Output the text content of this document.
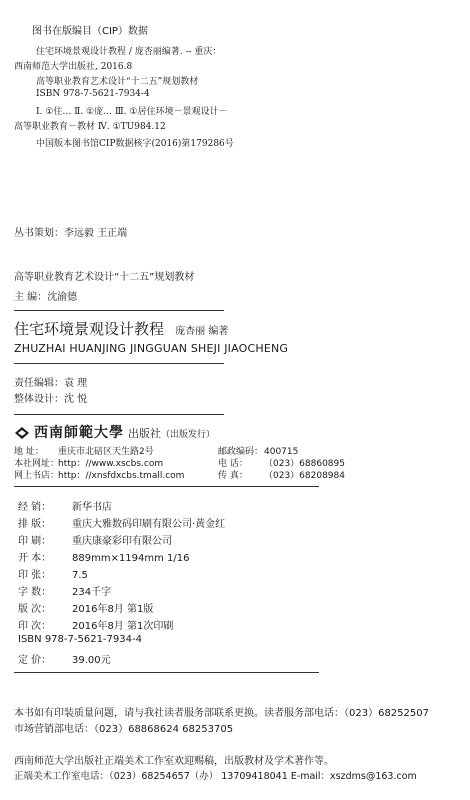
图书在版编目（CIP）数据
住宅环境景观设计教程 / 庞杏丽编著. -- 重庆：
西南师范大学出版社, 2016.8
高等职业教育艺术设计“十二五”规划教材
ISBN 978-7-5621-7934-4
Ⅰ. ①住… Ⅱ. ①庞… Ⅲ. ①居住环境－景观设计－
高等职业教育－教材 Ⅳ. ①TU984.12
中国版本图书馆CIP数据核字(2016)第179286号
丛书策划：李远毅 王正端
高等职业教育艺术设计“十二五”规划教材
主 编：沈渝德
住宅环境景观设计教程 庞杏丽 编著
ZHUZHAI HUANJING JINGGUAN SHEJI JIAOCHENG
责任编辑：袁 理
整体设计：沈 悦
西南師範大學 出版社（出版发行）
地 址： 重庆市北碚区天生路2号	邮政编码：400715
本社网址：http：//www.xscbs.com	电 话： （023）68860895
网上书店：http：//xnsfdxcbs.tmall.com	传 真： （023）68208984
经 销： 新华书店
排 版： 重庆大雅数码印刷有限公司·黄金红
印 刷： 重庆康豪彩印有限公司
开 本： 889mm×1194mm 1/16
印 张： 7.5
字 数： 234千字
版 次： 2016年8月 第1版
印 次： 2016年8月 第1次印刷
ISBN 978-7-5621-7934-4
定 价： 39.00元
本书如有印装质量问题，请与我社读者服务部联系更换。读者服务部电话：（023）68252507
市场营销部电话：（023）68868624 68253705
西南师范大学出版社正端美术工作室欢迎赐稿，出版教材及学术著作等。
正端美术工作室电话：（023）68254657（办） 13709418041 E-mail：xszdms@163.com
